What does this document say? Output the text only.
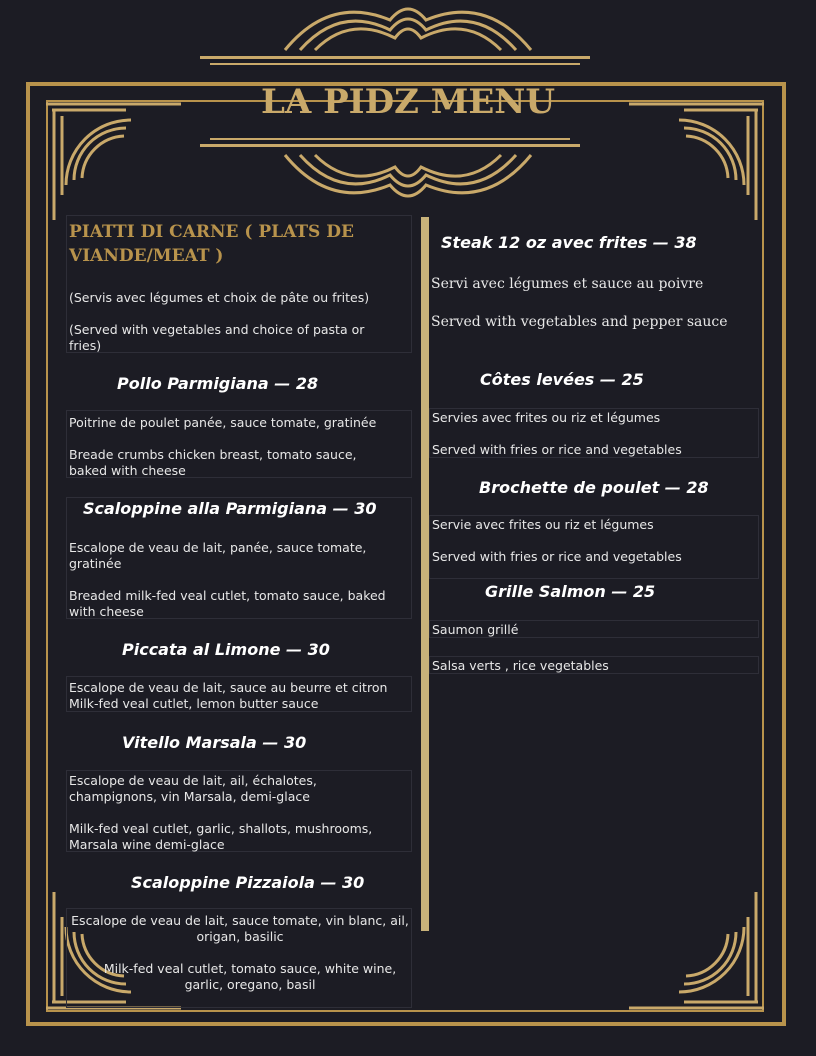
LA PIDZ MENU
PIATTI DI CARNE ( PLATS DE VIANDE/MEAT )
(Servis avec légumes et choix de pâte ou frites)
(Served with vegetables and choice of pasta or fries)
Pollo Parmigiana — 28
Poitrine de poulet panée, sauce tomate, gratinée
Breade crumbs chicken breast, tomato sauce, baked with cheese
Scaloppine alla Parmigiana — 30
Escalope de veau de lait, panée, sauce tomate, gratinée
Breaded milk-fed veal cutlet, tomato sauce, baked with cheese
Piccata al Limone — 30
Escalope de veau de lait, sauce au beurre et citron
Milk-fed veal cutlet, lemon butter sauce
Vitello Marsala — 30
Escalope de veau de lait, ail, échalotes, champignons, vin Marsala, demi-glace
Milk-fed veal cutlet, garlic, shallots, mushrooms, Marsala wine demi-glace
Scaloppine Pizzaiola — 30
Escalope de veau de lait, sauce tomate, vin blanc, ail, origan, basilic
Milk-fed veal cutlet, tomato sauce, white wine, garlic, oregano, basil
Steak 12 oz avec frites — 38
Servi avec légumes et sauce au poivre
Served with vegetables and pepper sauce
Côtes levées — 25
Servies avec frites ou riz et légumes
Served with fries or rice and vegetables
Brochette de poulet — 28
Servie avec frites ou riz et légumes
Served with fries or rice and vegetables
Grille Salmon — 25
Saumon grillé
Salsa verts , rice vegetables
